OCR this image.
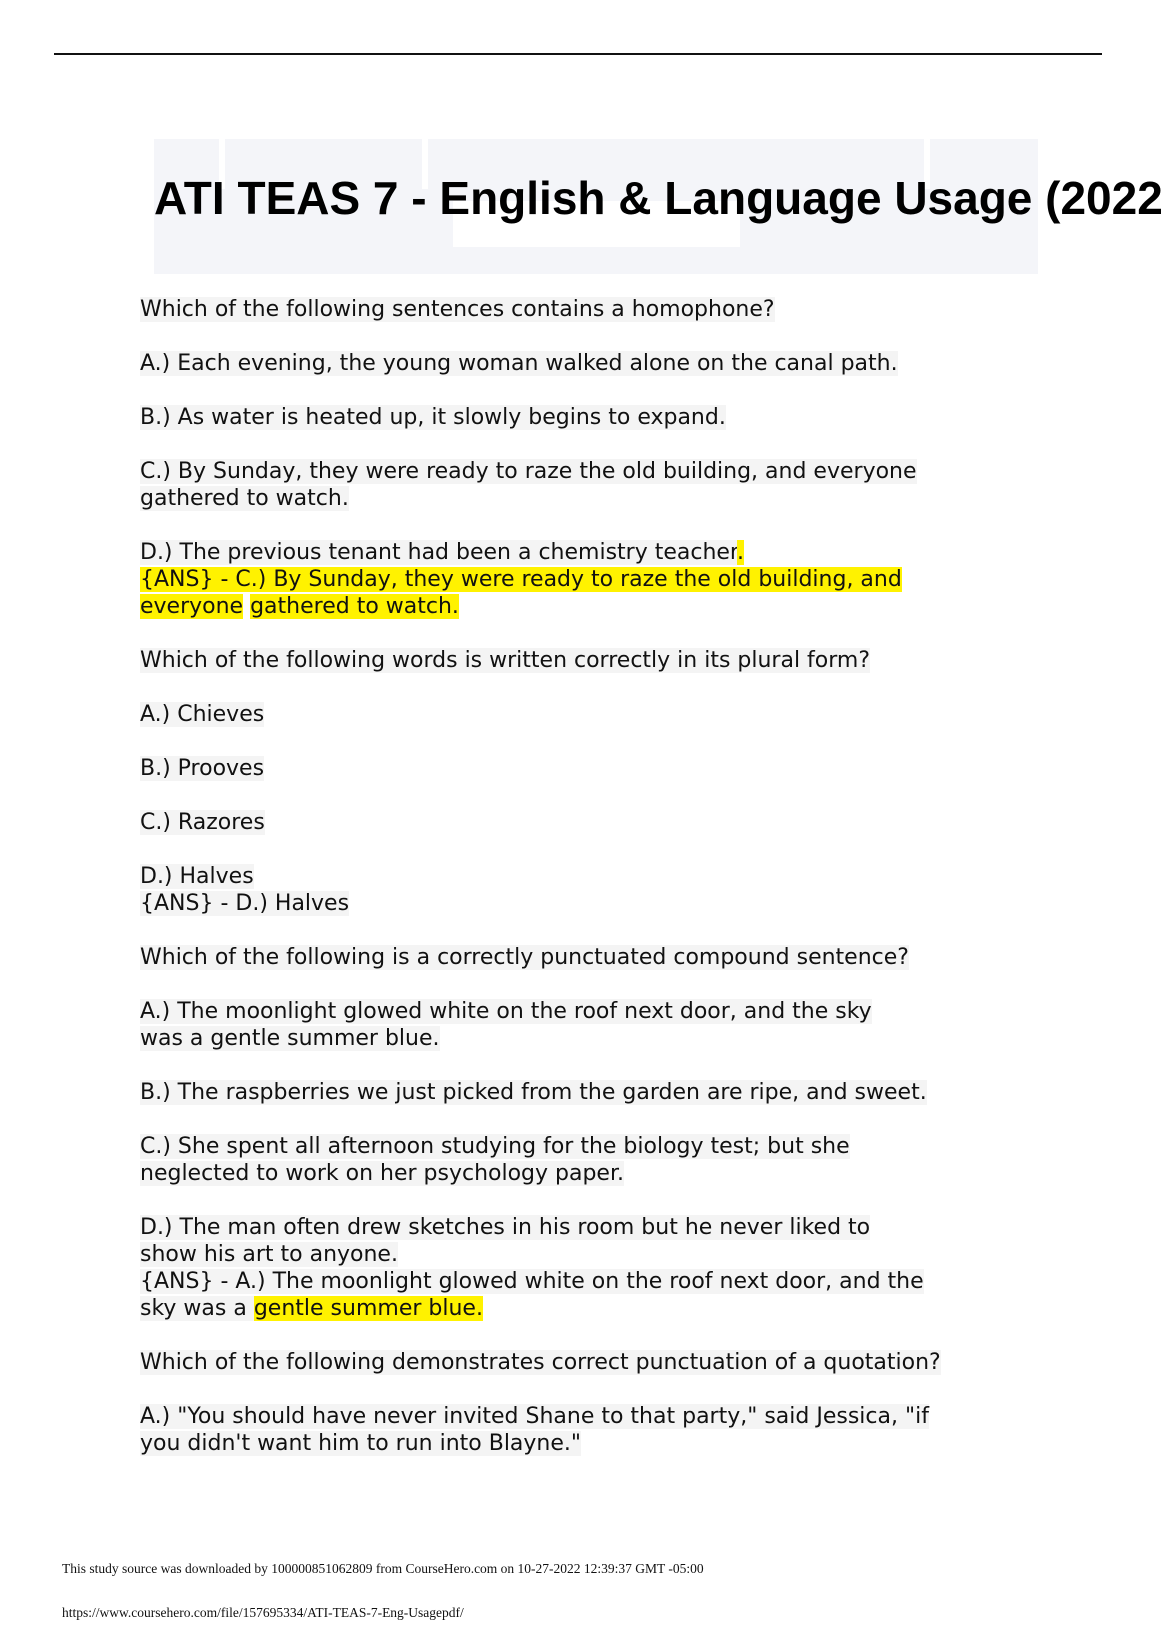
ATI TEAS 7 - English & Language Usage (2022

Which of the following sentences contains a homophone?

A.) Each evening, the young woman walked alone on the canal path.

B.) As water is heated up, it slowly begins to expand.

C.) By Sunday, they were ready to raze the old building, and everyone
gathered to watch.

D.) The previous tenant had been a chemistry teacher.
{ANS} - C.) By Sunday, they were ready to raze the old building, and
everyone gathered to watch.

Which of the following words is written correctly in its plural form?

A.) Chieves

B.) Prooves

C.) Razores

D.) Halves
{ANS} - D.) Halves

Which of the following is a correctly punctuated compound sentence?

A.) The moonlight glowed white on the roof next door, and the sky
was a gentle summer blue.

B.) The raspberries we just picked from the garden are ripe, and sweet.

C.) She spent all afternoon studying for the biology test; but she
neglected to work on her psychology paper.

D.) The man often drew sketches in his room but he never liked to
show his art to anyone.
{ANS} - A.) The moonlight glowed white on the roof next door, and the
sky was a gentle summer blue.

Which of the following demonstrates correct punctuation of a quotation?

A.) "You should have never invited Shane to that party," said Jessica, "if
you didn't want him to run into Blayne."

This study source was downloaded by 100000851062809 from CourseHero.com on 10-27-2022 12:39:37 GMT -05:00
https://www.coursehero.com/file/157695334/ATI-TEAS-7-Eng-Usagepdf/
